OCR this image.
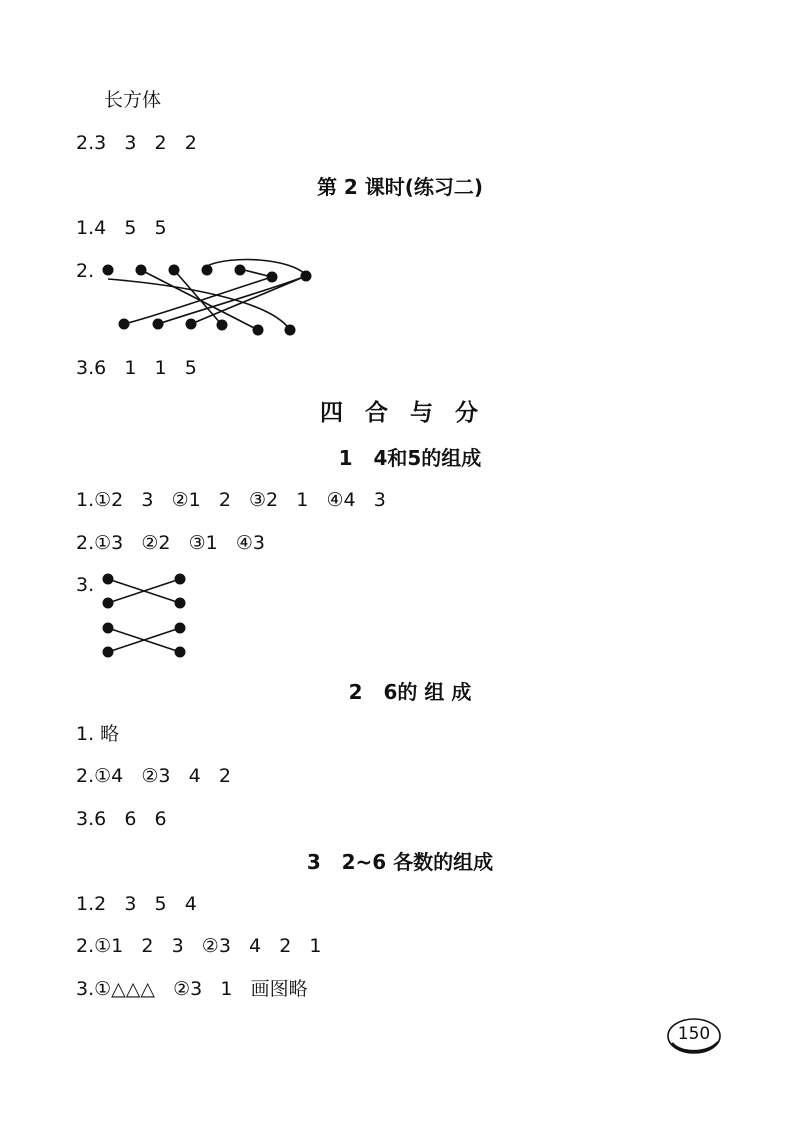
长方体
2.3   3   2   2
第 2 课时(练习二)
1.4   5   5
2.
3.6   1   1   5
四  合  与  分
1   4和5的组成
1.①2   3   ②1   2   ③2   1   ④4   3
2.①3   ②2   ③1   ④3
3.
2   6的 组 成
1. 略
2.①4   ②3   4   2
3.6   6   6
3   2~6 各数的组成
1.2   3   5   4
2.①1   2   3   ②3   4   2   1
3.①△△△   ②3   1   画图略
150
